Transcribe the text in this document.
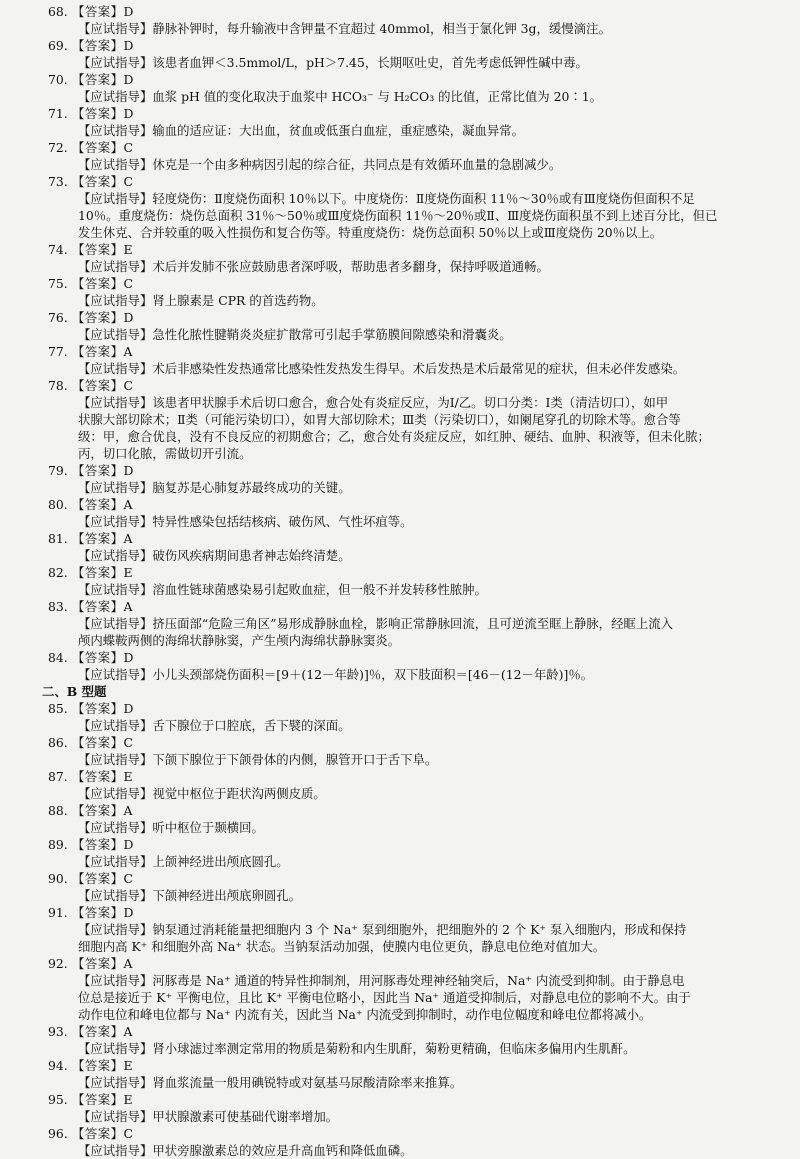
68. 【答案】D
【应试指导】静脉补钾时，每升输液中含钾量不宜超过 40mmol，相当于氯化钾 3g，缓慢滴注。
69. 【答案】D
【应试指导】该患者血钾＜3.5mmol/L，pH＞7.45，长期呕吐史，首先考虑低钾性碱中毒。
70. 【答案】D
【应试指导】血浆 pH 值的变化取决于血浆中 HCO₃⁻ 与 H₂CO₃ 的比值，正常比值为 20∶1。
71. 【答案】D
【应试指导】输血的适应证：大出血，贫血或低蛋白血症，重症感染，凝血异常。
72. 【答案】C
【应试指导】休克是一个由多种病因引起的综合征，共同点是有效循环血量的急剧减少。
73. 【答案】C
【应试指导】轻度烧伤：Ⅱ度烧伤面积 10％以下。中度烧伤：Ⅱ度烧伤面积 11％～30％或有Ⅲ度烧伤但面积不足
10％。重度烧伤：烧伤总面积 31％～50％或Ⅲ度烧伤面积 11％～20％或Ⅱ、Ⅲ度烧伤面积虽不到上述百分比，但已
发生休克、合并较重的吸入性损伤和复合伤等。特重度烧伤：烧伤总面积 50％以上或Ⅲ度烧伤 20％以上。
74. 【答案】E
【应试指导】术后并发肺不张应鼓励患者深呼吸，帮助患者多翻身，保持呼吸道通畅。
75. 【答案】C
【应试指导】肾上腺素是 CPR 的首选药物。
76. 【答案】D
【应试指导】急性化脓性腱鞘炎炎症扩散常可引起手掌筋膜间隙感染和滑囊炎。
77. 【答案】A
【应试指导】术后非感染性发热通常比感染性发热发生得早。术后发热是术后最常见的症状，但未必伴发感染。
78. 【答案】C
【应试指导】该患者甲状腺手术后切口愈合，愈合处有炎症反应，为Ⅰ/乙。切口分类：Ⅰ类（清洁切口），如甲
状腺大部切除术；Ⅱ类（可能污染切口），如胃大部切除术；Ⅲ类（污染切口），如阑尾穿孔的切除术等。愈合等
级：甲，愈合优良，没有不良反应的初期愈合；乙，愈合处有炎症反应，如红肿、硬结、血肿、积液等，但未化脓；
丙，切口化脓，需做切开引流。
79. 【答案】D
【应试指导】脑复苏是心肺复苏最终成功的关键。
80. 【答案】A
【应试指导】特异性感染包括结核病、破伤风、气性坏疽等。
81. 【答案】A
【应试指导】破伤风疾病期间患者神志始终清楚。
82. 【答案】E
【应试指导】溶血性链球菌感染易引起败血症，但一般不并发转移性脓肿。
83. 【答案】A
【应试指导】挤压面部“危险三角区”易形成静脉血栓，影响正常静脉回流，且可逆流至眶上静脉，经眶上流入
颅内蝶鞍两侧的海绵状静脉窦，产生颅内海绵状静脉窦炎。
84. 【答案】D
【应试指导】小儿头颈部烧伤面积＝[9＋(12－年龄)]％，双下肢面积＝[46－(12－年龄)]％。
二、B 型题
85. 【答案】D
【应试指导】舌下腺位于口腔底，舌下襞的深面。
86. 【答案】C
【应试指导】下颌下腺位于下颌骨体的内侧，腺管开口于舌下阜。
87. 【答案】E
【应试指导】视觉中枢位于距状沟两侧皮质。
88. 【答案】A
【应试指导】听中枢位于颞横回。
89. 【答案】D
【应试指导】上颌神经进出颅底圆孔。
90. 【答案】C
【应试指导】下颌神经进出颅底卵圆孔。
91. 【答案】D
【应试指导】钠泵通过消耗能量把细胞内 3 个 Na⁺ 泵到细胞外，把细胞外的 2 个 K⁺ 泵入细胞内，形成和保持
细胞内高 K⁺ 和细胞外高 Na⁺ 状态。当钠泵活动加强，使膜内电位更负，静息电位绝对值加大。
92. 【答案】A
【应试指导】河豚毒是 Na⁺ 通道的特异性抑制剂，用河豚毒处理神经轴突后，Na⁺ 内流受到抑制。由于静息电
位总是接近于 K⁺ 平衡电位，且比 K⁺ 平衡电位略小，因此当 Na⁺ 通道受抑制后，对静息电位的影响不大。由于
动作电位和峰电位都与 Na⁺ 内流有关，因此当 Na⁺ 内流受到抑制时，动作电位幅度和峰电位都将减小。
93. 【答案】A
【应试指导】肾小球滤过率测定常用的物质是菊粉和内生肌酐，菊粉更精确，但临床多偏用内生肌酐。
94. 【答案】E
【应试指导】肾血浆流量一般用碘锐特或对氨基马尿酸清除率来推算。
95. 【答案】E
【应试指导】甲状腺激素可使基础代谢率增加。
96. 【答案】C
【应试指导】甲状旁腺激素总的效应是升高血钙和降低血磷。
